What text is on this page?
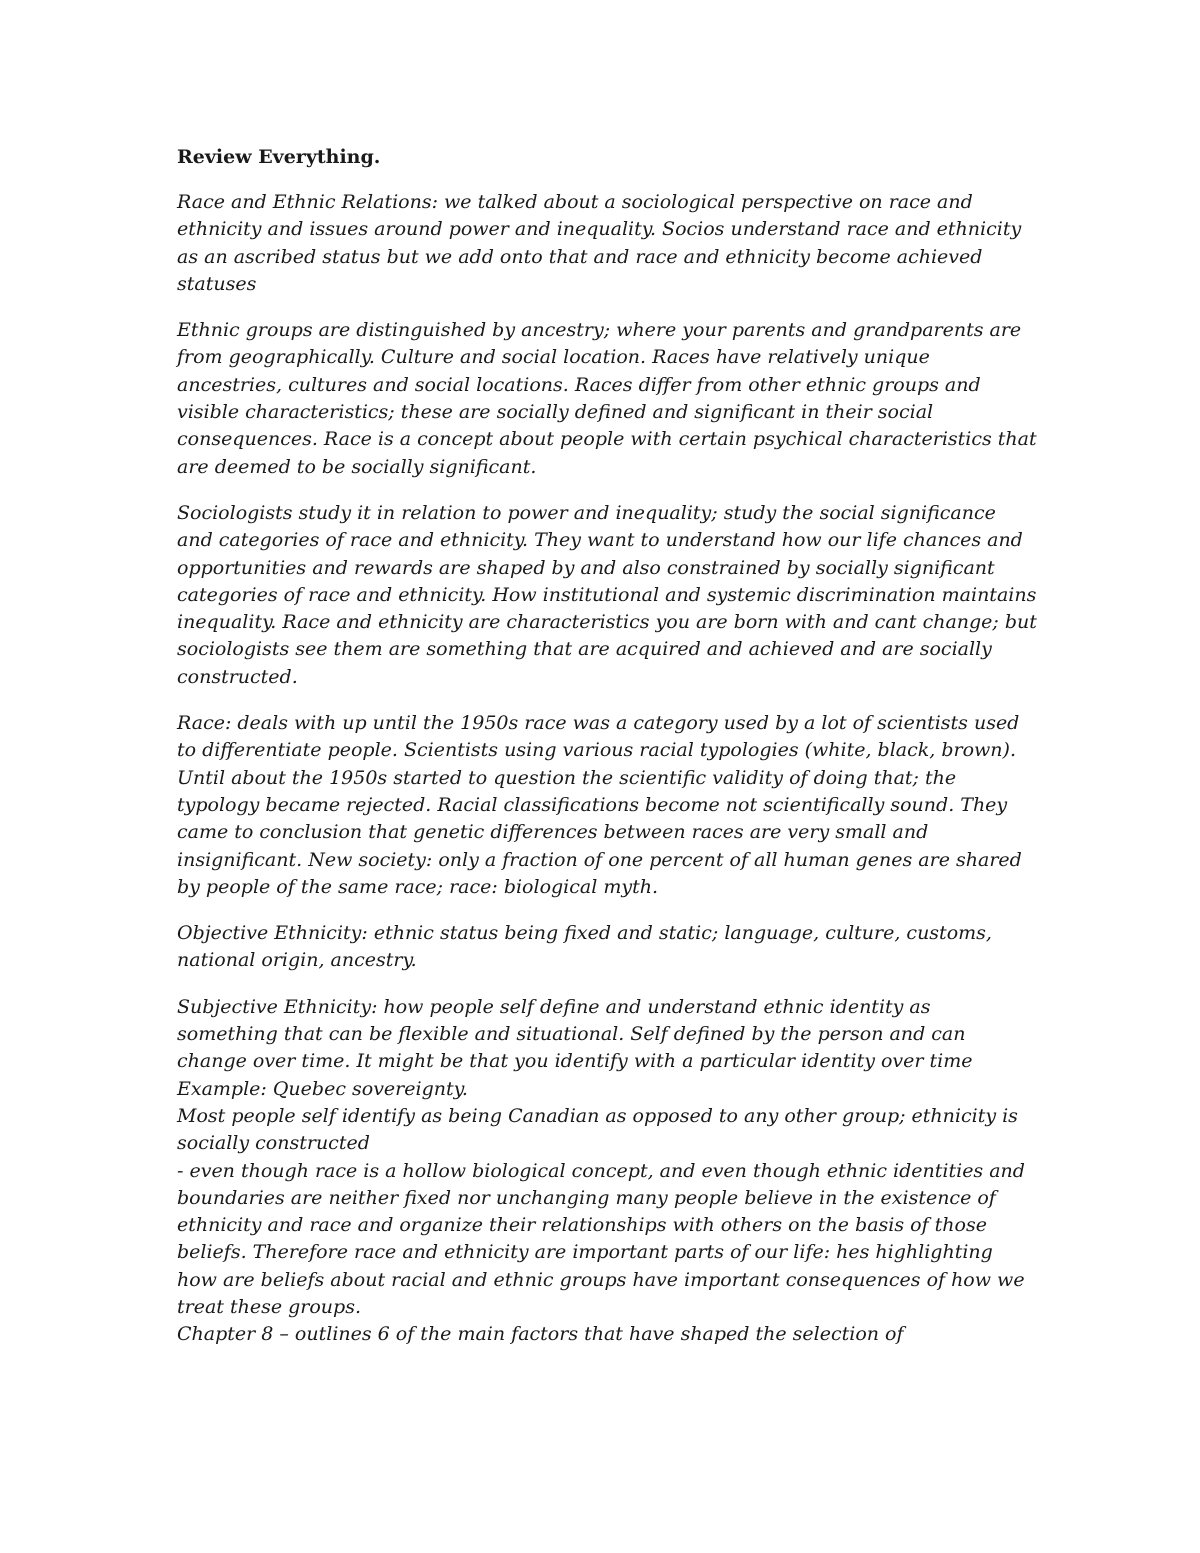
Review Everything.

Race and Ethnic Relations: we talked about a sociological perspective on race and ethnicity and issues around power and inequality. Socios understand race and ethnicity as an ascribed status but we add onto that and race and ethnicity become achieved statuses

Ethnic groups are distinguished by ancestry; where your parents and grandparents are from geographically. Culture and social location. Races have relatively unique ancestries, cultures and social locations. Races differ from other ethnic groups and visible characteristics; these are socially defined and significant in their social consequences. Race is a concept about people with certain psychical characteristics that are deemed to be socially significant.

Sociologists study it in relation to power and inequality; study the social significance and categories of race and ethnicity. They want to understand how our life chances and opportunities and rewards are shaped by and also constrained by socially significant categories of race and ethnicity. How institutional and systemic discrimination maintains inequality. Race and ethnicity are characteristics you are born with and cant change; but sociologists see them are something that are acquired and achieved and are socially constructed.

Race: deals with up until the 1950s race was a category used by a lot of scientists used to differentiate people. Scientists using various racial typologies (white, black, brown). Until about the 1950s started to question the scientific validity of doing that; the typology became rejected. Racial classifications become not scientifically sound. They came to conclusion that genetic differences between races are very small and insignificant. New society: only a fraction of one percent of all human genes are shared by people of the same race; race: biological myth.

Objective Ethnicity: ethnic status being fixed and static; language, culture, customs, national origin, ancestry.

Subjective Ethnicity: how people self define and understand ethnic identity as something that can be flexible and situational. Self defined by the person and can change over time. It might be that you identify with a particular identity over time Example: Quebec sovereignty.

Most people self identify as being Canadian as opposed to any other group; ethnicity is socially constructed

- even though race is a hollow biological concept, and even though ethnic identities and boundaries are neither fixed nor unchanging many people believe in the existence of ethnicity and race and organize their relationships with others on the basis of those beliefs. Therefore race and ethnicity are important parts of our life: hes highlighting how are beliefs about racial and ethnic groups have important consequences of how we treat these groups.

Chapter 8 – outlines 6 of the main factors that have shaped the selection of
